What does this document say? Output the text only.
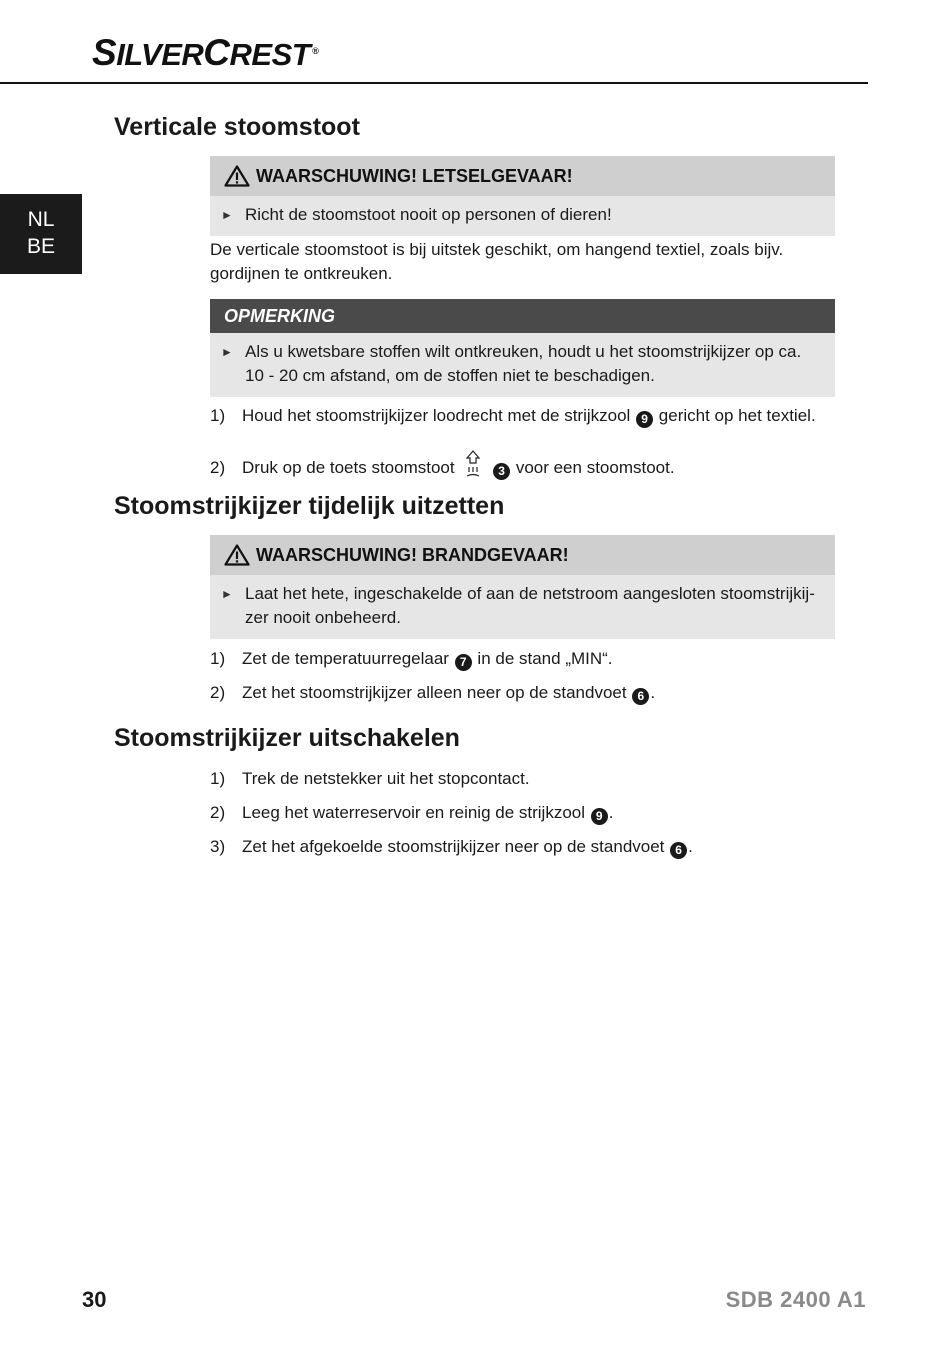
SILVERCREST ®
NL
BE
Verticale stoomstoot
WAARSCHUWING! LETSELGEVAAR!
► Richt de stoomstoot nooit op personen of dieren!
De verticale stoomstoot is bij uitstek geschikt, om hangend textiel, zoals bijv. gordijnen te ontkreuken.
OPMERKING
► Als u kwetsbare stoffen wilt ontkreuken, houdt u het stoomstrijkijzer op ca. 10 - 20 cm afstand, om de stoffen niet te beschadigen.
1) Houd het stoomstrijkijzer loodrecht met de strijkzool 9 gericht op het textiel.
2) Druk op de toets stoomstoot	3 voor een stoomstoot.
Stoomstrijkijzer tijdelijk uitzetten
WAARSCHUWING! BRANDGEVAAR!
► Laat het hete, ingeschakelde of aan de netstroom aangesloten stoomstrijkij-zer nooit onbeheerd.
1) Zet de temperatuurregelaar 7 in de stand „MIN“.
2) Zet het stoomstrijkijzer alleen neer op de standvoet 6 .
Stoomstrijkijzer uitschakelen
1) Trek de netstekker uit het stopcontact.
2) Leeg het waterreservoir en reinig de strijkzool 9 .
3) Zet het afgekoelde stoomstrijkijzer neer op de standvoet 6 .
30	SDB 2400 A1
